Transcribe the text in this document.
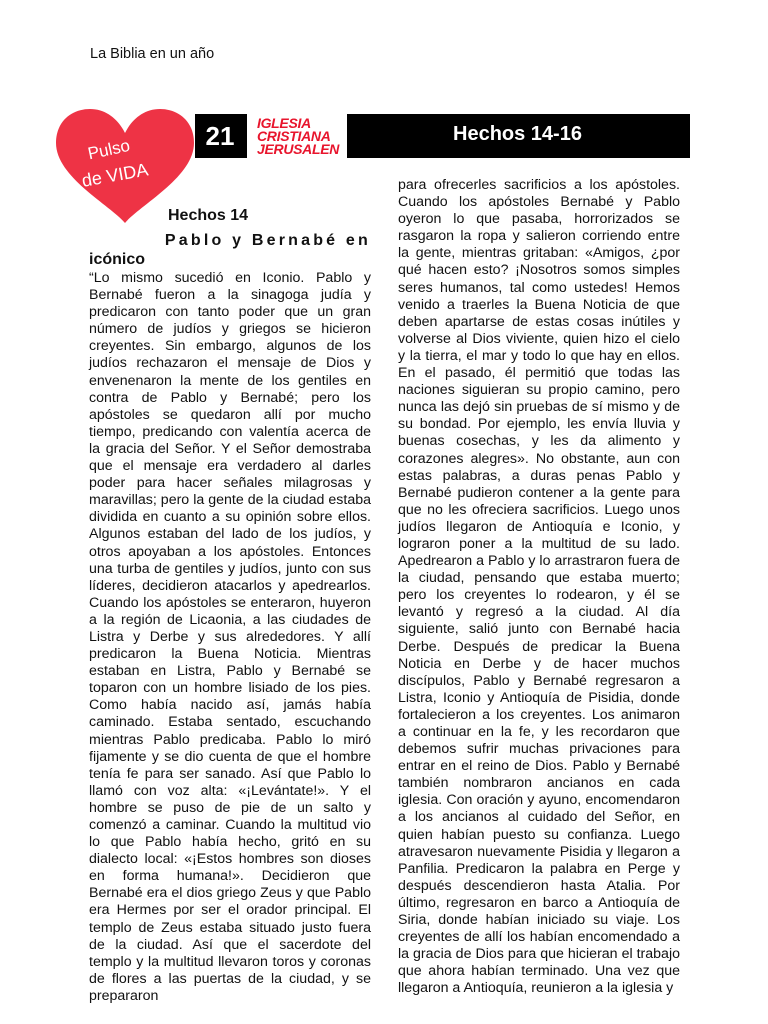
La Biblia en un año
Pulso
de VIDA
21	IGLESIA
CRISTIANA
JERUSALEN
Hechos 14-16
Hechos 14
Pablo y Bernabé en
icónico

“Lo mismo sucedió en Iconio. Pablo y Bernabé fueron a la sinagoga judía y predicaron con tanto poder que un gran número de judíos y griegos se hicieron creyentes. Sin embargo, algunos de los judíos rechazaron el mensaje de Dios y envenenaron la mente de los gentiles en contra de Pablo y Bernabé; pero los apóstoles se quedaron allí por mucho tiempo, predicando con valentía acerca de la gracia del Señor. Y el Señor demostraba que el mensaje era verdadero al darles poder para hacer señales milagrosas y maravillas; pero la gente de la ciudad estaba dividida en cuanto a su opinión sobre ellos. Algunos estaban del lado de los judíos, y otros apoyaban a los apóstoles. Entonces una turba de gentiles y judíos, junto con sus líderes, decidieron atacarlos y apedrearlos. Cuando los apóstoles se enteraron, huyeron a la región de Licaonia, a las ciudades de Listra y Derbe y sus alrededores. Y allí predicaron la Buena Noticia. Mientras estaban en Listra, Pablo y Bernabé se toparon con un hombre lisiado de los pies. Como había nacido así, jamás había caminado. Estaba sentado, escuchando mientras Pablo predicaba. Pablo lo miró fijamente y se dio cuenta de que el hombre tenía fe para ser sanado. Así que Pablo lo llamó con voz alta: «¡Levántate!». Y el hombre se puso de pie de un salto y comenzó a caminar. Cuando la multitud vio lo que Pablo había hecho, gritó en su dialecto local: «¡Estos hombres son dioses en forma humana!». Decidieron que Bernabé era el dios griego Zeus y que Pablo era Hermes por ser el orador principal. El templo de Zeus estaba situado justo fuera de la ciudad. Así que el sacerdote del templo y la multitud llevaron toros y coronas de flores a las puertas de la ciudad, y se prepararon

para ofrecerles sacrificios a los apóstoles. Cuando los apóstoles Bernabé y Pablo oyeron lo que pasaba, horrorizados se rasgaron la ropa y salieron corriendo entre la gente, mientras gritaban: «Amigos, ¿por qué hacen esto? ¡Nosotros somos simples seres humanos, tal como ustedes! Hemos venido a traerles la Buena Noticia de que deben apartarse de estas cosas inútiles y volverse al Dios viviente, quien hizo el cielo y la tierra, el mar y todo lo que hay en ellos. En el pasado, él permitió que todas las naciones siguieran su propio camino, pero nunca las dejó sin pruebas de sí mismo y de su bondad. Por ejemplo, les envía lluvia y buenas cosechas, y les da alimento y corazones alegres». No obstante, aun con estas palabras, a duras penas Pablo y Bernabé pudieron contener a la gente para que no les ofreciera sacrificios. Luego unos judíos llegaron de Antioquía e Iconio, y lograron poner a la multitud de su lado. Apedrearon a Pablo y lo arrastraron fuera de la ciudad, pensando que estaba muerto; pero los creyentes lo rodearon, y él se levantó y regresó a la ciudad. Al día siguiente, salió junto con Bernabé hacia Derbe. Después de predicar la Buena Noticia en Derbe y de hacer muchos discípulos, Pablo y Bernabé regresaron a Listra, Iconio y Antioquía de Pisidia, donde fortalecieron a los creyentes. Los animaron a continuar en la fe, y les recordaron que debemos sufrir muchas privaciones para entrar en el reino de Dios. Pablo y Bernabé también nombraron ancianos en cada iglesia. Con oración y ayuno, encomendaron a los ancianos al cuidado del Señor, en quien habían puesto su confianza. Luego atravesaron nuevamente Pisidia y llegaron a Panfilia. Predicaron la palabra en Perge y después descendieron hasta Atalia. Por último, regresaron en barco a Antioquía de Siria, donde habían iniciado su viaje. Los creyentes de allí los habían encomendado a la gracia de Dios para que hicieran el trabajo que ahora habían terminado. Una vez que llegaron a Antioquía, reunieron a la iglesia y
